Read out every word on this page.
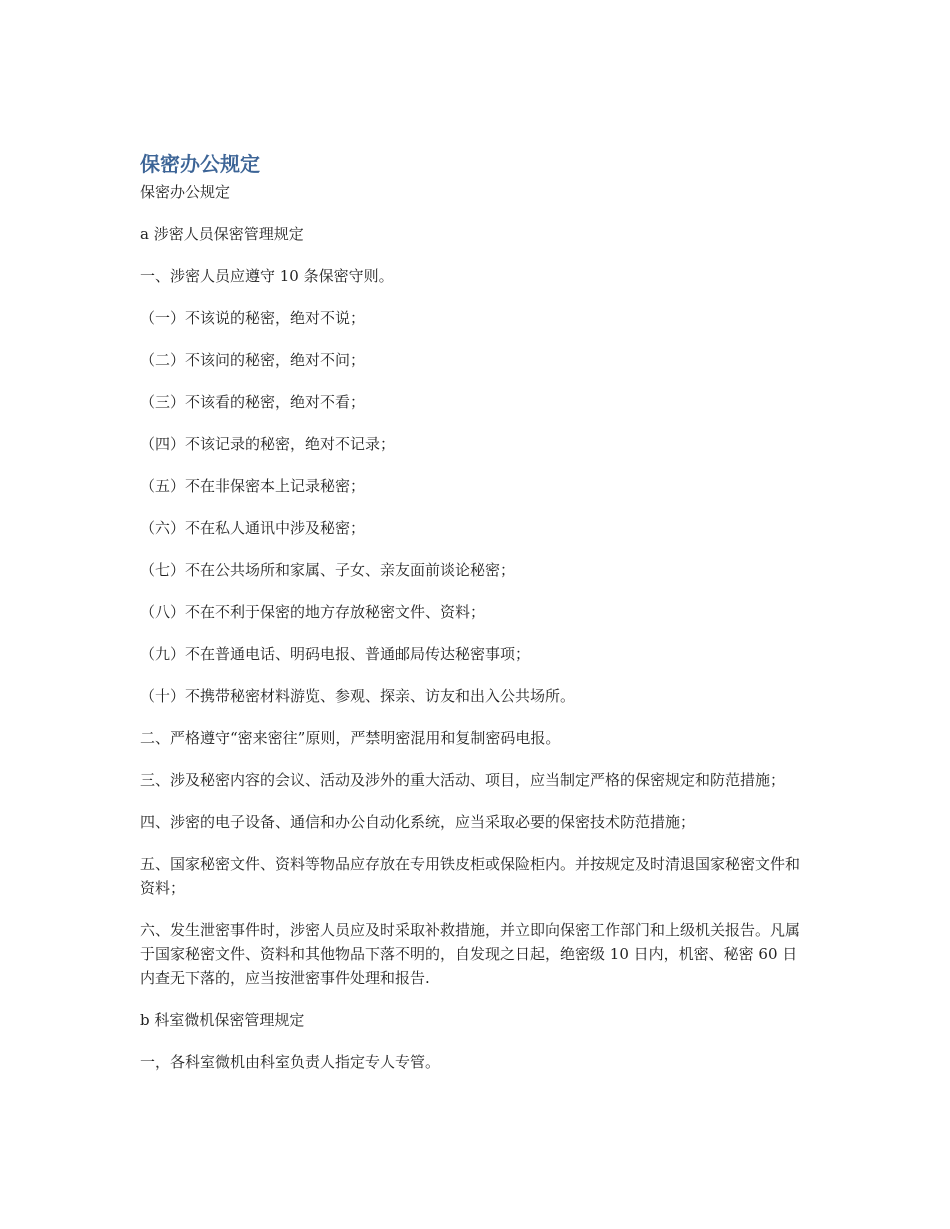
保密办公规定

保密办公规定

a 涉密人员保密管理规定

一、涉密人员应遵守 10 条保密守则。

（一）不该说的秘密，绝对不说；

（二）不该问的秘密，绝对不问；

（三）不该看的秘密，绝对不看；

（四）不该记录的秘密，绝对不记录；

（五）不在非保密本上记录秘密；

（六）不在私人通讯中涉及秘密；

（七）不在公共场所和家属、子女、亲友面前谈论秘密；

（八）不在不利于保密的地方存放秘密文件、资料；

（九）不在普通电话、明码电报、普通邮局传达秘密事项；

（十）不携带秘密材料游览、参观、探亲、访友和出入公共场所。

二、严格遵守“密来密往”原则，严禁明密混用和复制密码电报。

三、涉及秘密内容的会议、活动及涉外的重大活动、项目，应当制定严格的保密规定和防范措施；

四、涉密的电子设备、通信和办公自动化系统，应当采取必要的保密技术防范措施；

五、国家秘密文件、资料等物品应存放在专用铁皮柜或保险柜内。并按规定及时清退国家秘密文件和资料；

六、发生泄密事件时，涉密人员应及时采取补救措施，并立即向保密工作部门和上级机关报告。凡属于国家秘密文件、资料和其他物品下落不明的，自发现之日起，绝密级 10 日内，机密、秘密 60 日内查无下落的，应当按泄密事件处理和报告.

b 科室微机保密管理规定

一，各科室微机由科室负责人指定专人专管。
